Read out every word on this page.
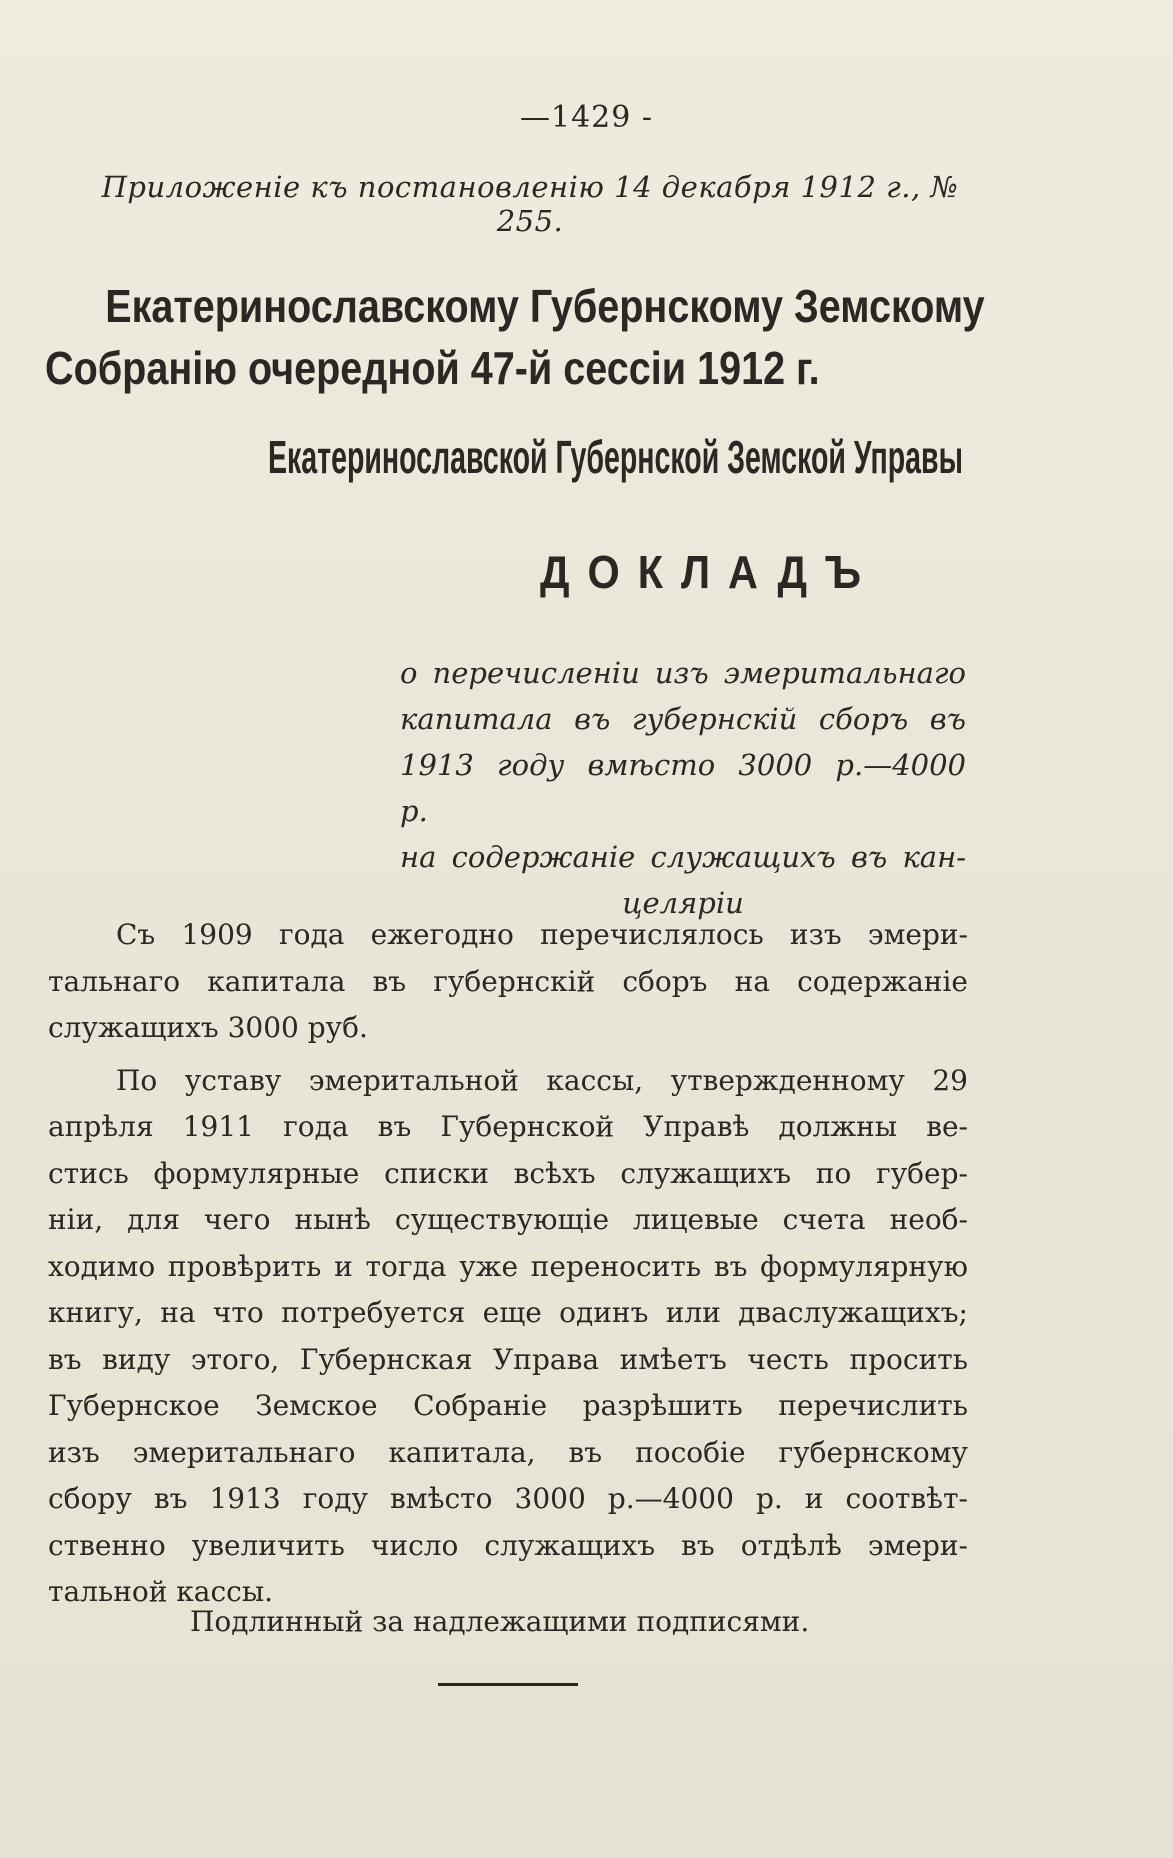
—1429 -
Приложенiе къ постановленiю 14 декабря 1912 г., № 255.
Екатеринославскому Губернскому Земскому
Собранiю очередной 47-й сессiи 1912 г.
Екатеринославской Губернской Земской Управы
ДОКЛАДЪ
о перечисленiи изъ эмеритальнаго
капитала въ губернскiй сборъ въ
1913 году вмѣсто 3000 р.—4000 р.
на содержанiе служащихъ въ кан-
целярiи
Съ 1909 года ежегодно перечислялось изъ эмери-
тальнаго капитала въ губернскiй сборъ на содержанiе
служащихъ 3000 руб.
По уставу эмеритальной кассы, утвержденному 29
апрѣля 1911 года въ Губернской Управѣ должны ве-
стись формулярные списки всѣхъ служащихъ по губер-
нiи, для чего нынѣ существующiе лицевые счета необ-
ходимо провѣрить и тогда уже переносить въ формулярную
книгу, на что потребуется еще одинъ или дваслужащихъ;
въ виду этого, Губернская Управа имѣетъ честь просить
Губернское Земское Собранiе разрѣшить перечислить
изъ эмеритальнаго капитала, въ пособiе губернскому
сбору въ 1913 году вмѣсто 3000 р.—4000 р. и соотвѣт-
ственно увеличить число служащихъ въ отдѣлѣ эмери-
тальной кассы.
Подлинный за надлежащими подписями.
